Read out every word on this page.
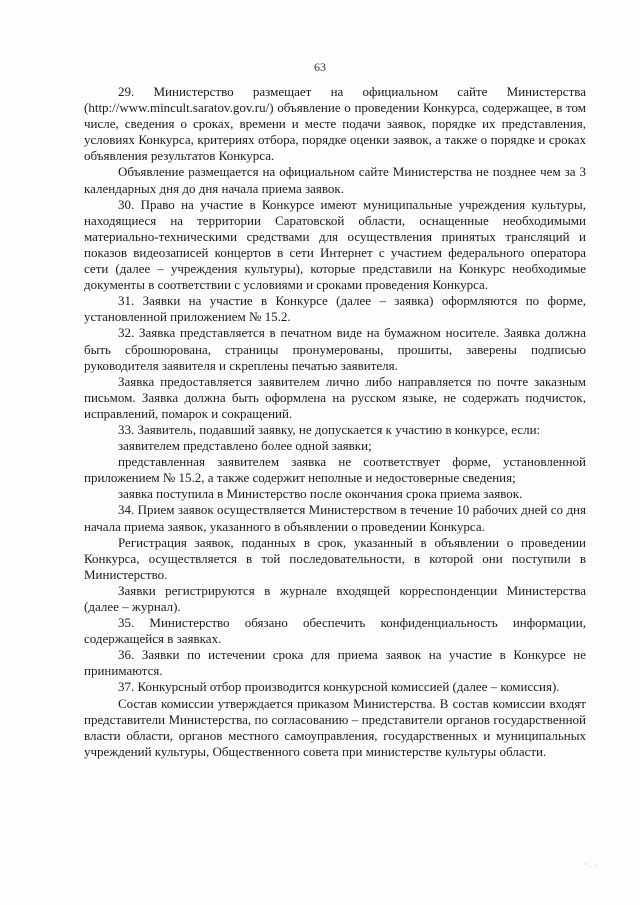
63

29. Министерство размещает на официальном сайте Министерства (http://www.mincult.saratov.gov.ru/) объявление о проведении Конкурса, содержащее, в том числе, сведения о сроках, времени и месте подачи заявок, порядке их представления, условиях Конкурса, критериях отбора, порядке оценки заявок, а также о порядке и сроках объявления результатов Конкурса.

Объявление размещается на официальном сайте Министерства не позднее чем за 3 календарных дня до дня начала приема заявок.

30. Право на участие в Конкурсе имеют муниципальные учреждения культуры, находящиеся на территории Саратовской области, оснащенные необходимыми материально-техническими средствами для осуществления принятых трансляций и показов видеозаписей концертов в сети Интернет с участием федерального оператора сети (далее – учреждения культуры), которые представили на Конкурс необходимые документы в соответствии с условиями и сроками проведения Конкурса.

31. Заявки на участие в Конкурсе (далее – заявка) оформляются по форме, установленной приложением № 15.2.

32. Заявка представляется в печатном виде на бумажном носителе. Заявка должна быть сброшюрована, страницы пронумерованы, прошиты, заверены подписью руководителя заявителя и скреплены печатью заявителя.

Заявка предоставляется заявителем лично либо направляется по почте заказным письмом. Заявка должна быть оформлена на русском языке, не содержать подчисток, исправлений, помарок и сокращений.

33. Заявитель, подавший заявку, не допускается к участию в конкурсе, если:

заявителем представлено более одной заявки;

представленная заявителем заявка не соответствует форме, установленной приложением № 15.2, а также содержит неполные и недостоверные сведения;

заявка поступила в Министерство после окончания срока приема заявок.

34. Прием заявок осуществляется Министерством в течение 10 рабочих дней со дня начала приема заявок, указанного в объявлении о проведении Конкурса.

Регистрация заявок, поданных в срок, указанный в объявлении о проведении Конкурса, осуществляется в той последовательности, в которой они поступили в Министерство.

Заявки регистрируются в журнале входящей корреспонденции Министерства (далее – журнал).

35. Министерство обязано обеспечить конфиденциальность информации, содержащейся в заявках.

36. Заявки по истечении срока для приема заявок на участие в Конкурсе не принимаются.

37. Конкурсный отбор производится конкурсной комиссией (далее – комиссия).

Состав комиссии утверждается приказом Министерства. В состав комиссии входят представители Министерства, по согласованию – представители органов государственной власти области, органов местного самоуправления, государственных и муниципальных учреждений культуры, Общественного совета при министерстве культуры области.
